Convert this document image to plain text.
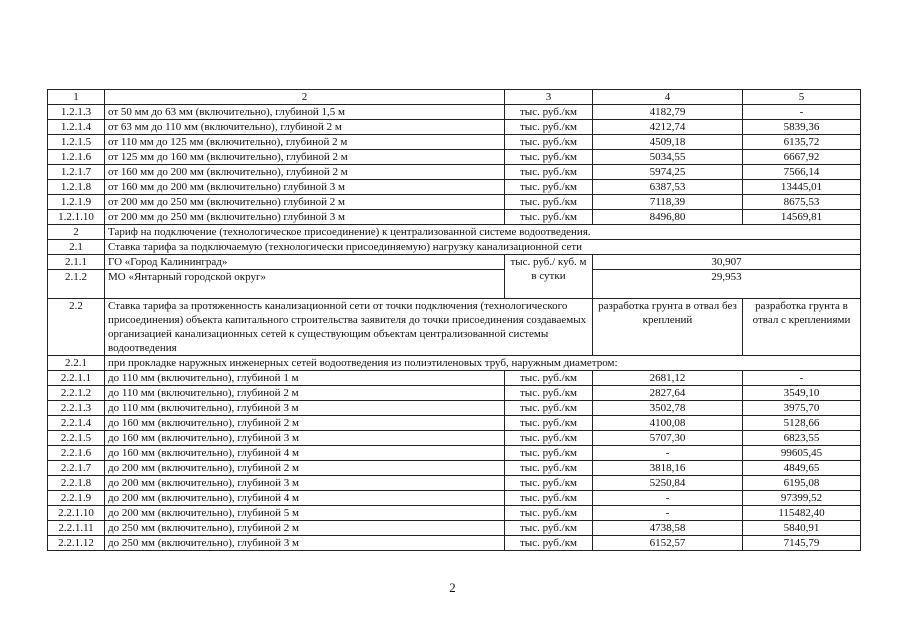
1	2	3	4	5
1.2.1.3	от 50 мм до 63 мм (включительно), глубиной 1,5 м	тыс. руб./км	4182,79	-
1.2.1.4	от 63 мм до 110 мм (включительно), глубиной 2 м	тыс. руб./км	4212,74	5839,36
1.2.1.5	от 110 мм до 125 мм (включительно), глубиной 2 м	тыс. руб./км	4509,18	6135,72
1.2.1.6	от 125 мм до 160 мм (включительно), глубиной 2 м	тыс. руб./км	5034,55	6667,92
1.2.1.7	от 160 мм до 200 мм (включительно), глубиной 2 м	тыс. руб./км	5974,25	7566,14
1.2.1.8	от 160 мм до 200 мм (включительно) глубиной 3 м	тыс. руб./км	6387,53	13445,01
1.2.1.9	от 200 мм до 250 мм (включительно) глубиной 2 м	тыс. руб./км	7118,39	8675,53
1.2.1.10	от 200 мм до 250 мм (включительно) глубиной 3 м	тыс. руб./км	8496,80	14569,81
2	Тариф на подключение (технологическое присоединение) к централизованной системе водоотведения.			
2.1	Ставка тарифа за подключаемую (технологически присоединяемую) нагрузку канализационной сети			
2.1.1	ГО «Город Калининград»	тыс. руб./ куб. м в сутки	30,907	
2.1.2	МО «Янтарный городской округ»		29,953	
2.2	Ставка тарифа за протяженность канализационной сети от точки подключения (технологического присоединения) объекта капитального строительства заявителя до точки присоединения создаваемых организацией канализационных сетей к существующим объектам централизованной системы водоотведения		разработка грунта в отвал без креплений	разработка грунта в отвал с креплениями
2.2.1	при прокладке наружных инженерных сетей водоотведения из полиэтиленовых труб, наружным диаметром:			
2.2.1.1	до 110 мм (включительно), глубиной 1 м	тыс. руб./км	2681,12	-
2.2.1.2	до 110 мм (включительно), глубиной 2 м	тыс. руб./км	2827,64	3549,10
2.2.1.3	до 110 мм (включительно), глубиной 3 м	тыс. руб./км	3502,78	3975,70
2.2.1.4	до 160 мм (включительно), глубиной 2 м	тыс. руб./км	4100,08	5128,66
2.2.1.5	до 160 мм (включительно), глубиной 3 м	тыс. руб./км	5707,30	6823,55
2.2.1.6	до 160 мм (включительно), глубиной 4 м	тыс. руб./км	-	99605,45
2.2.1.7	до 200 мм (включительно), глубиной 2 м	тыс. руб./км	3818,16	4849,65
2.2.1.8	до 200 мм (включительно), глубиной 3 м	тыс. руб./км	5250,84	6195,08
2.2.1.9	до 200 мм (включительно), глубиной 4 м	тыс. руб./км	-	97399,52
2.2.1.10	до 200 мм (включительно), глубиной 5 м	тыс. руб./км	-	115482,40
2.2.1.11	до 250 мм (включительно), глубиной 2 м	тыс. руб./км	4738,58	5840,91
2.2.1.12	до 250 мм (включительно), глубиной 3 м	тыс. руб./км	6152,57	7145,79
2
